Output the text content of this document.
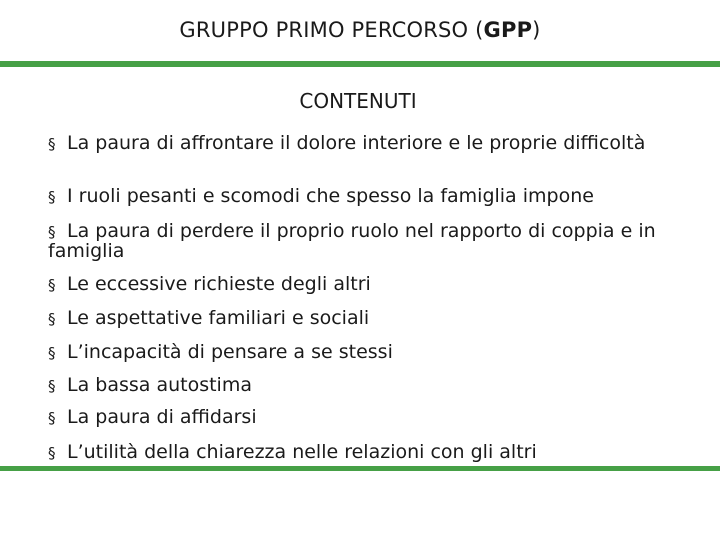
GRUPPO PRIMO PERCORSO (GPP)
CONTENUTI
§ La paura di affrontare il dolore interiore e le proprie difficoltà
§ I ruoli pesanti e scomodi che spesso la famiglia impone
§ La paura di perdere il proprio ruolo nel rapporto di coppia e in famiglia
§ Le eccessive richieste degli altri
§ Le aspettative familiari e sociali
§ L’incapacità di pensare a se stessi
§ La bassa autostima
§ La paura di affidarsi
§ L’utilità della chiarezza nelle relazioni con gli altri
